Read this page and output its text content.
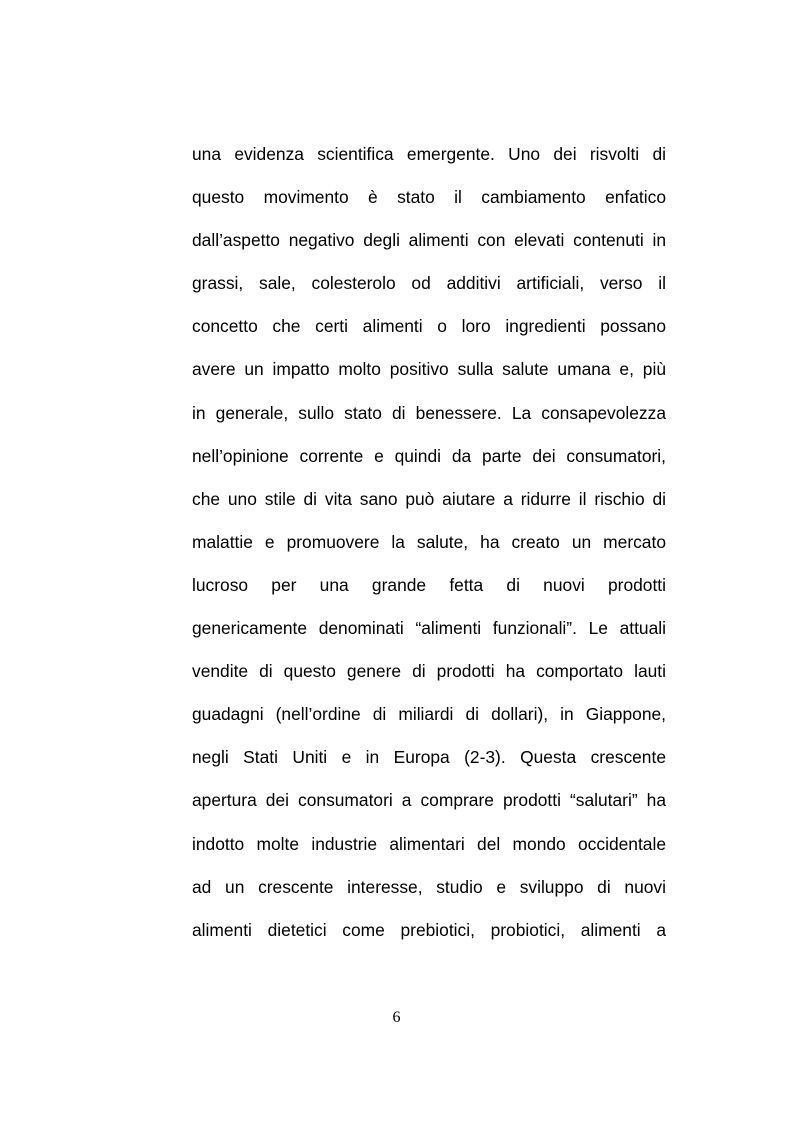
una evidenza scientifica emergente. Uno dei risvolti di
questo movimento è stato il cambiamento enfatico
dall’aspetto negativo degli alimenti con elevati contenuti in
grassi, sale, colesterolo od additivi artificiali, verso il
concetto che certi alimenti o loro ingredienti possano
avere un impatto molto positivo sulla salute umana e, più
in generale, sullo stato di benessere. La consapevolezza
nell’opinione corrente e quindi da parte dei consumatori,
che uno stile di vita sano può aiutare a ridurre il rischio di
malattie e promuovere la salute, ha creato un mercato
lucroso per una grande fetta di nuovi prodotti
genericamente denominati “alimenti funzionali”. Le attuali
vendite di questo genere di prodotti ha comportato lauti
guadagni (nell’ordine di miliardi di dollari), in Giappone,
negli Stati Uniti e in Europa (2-3). Questa crescente
apertura dei consumatori a comprare prodotti “salutari” ha
indotto molte industrie alimentari del mondo occidentale
ad un crescente interesse, studio e sviluppo di nuovi
alimenti dietetici come prebiotici, probiotici, alimenti a
6
